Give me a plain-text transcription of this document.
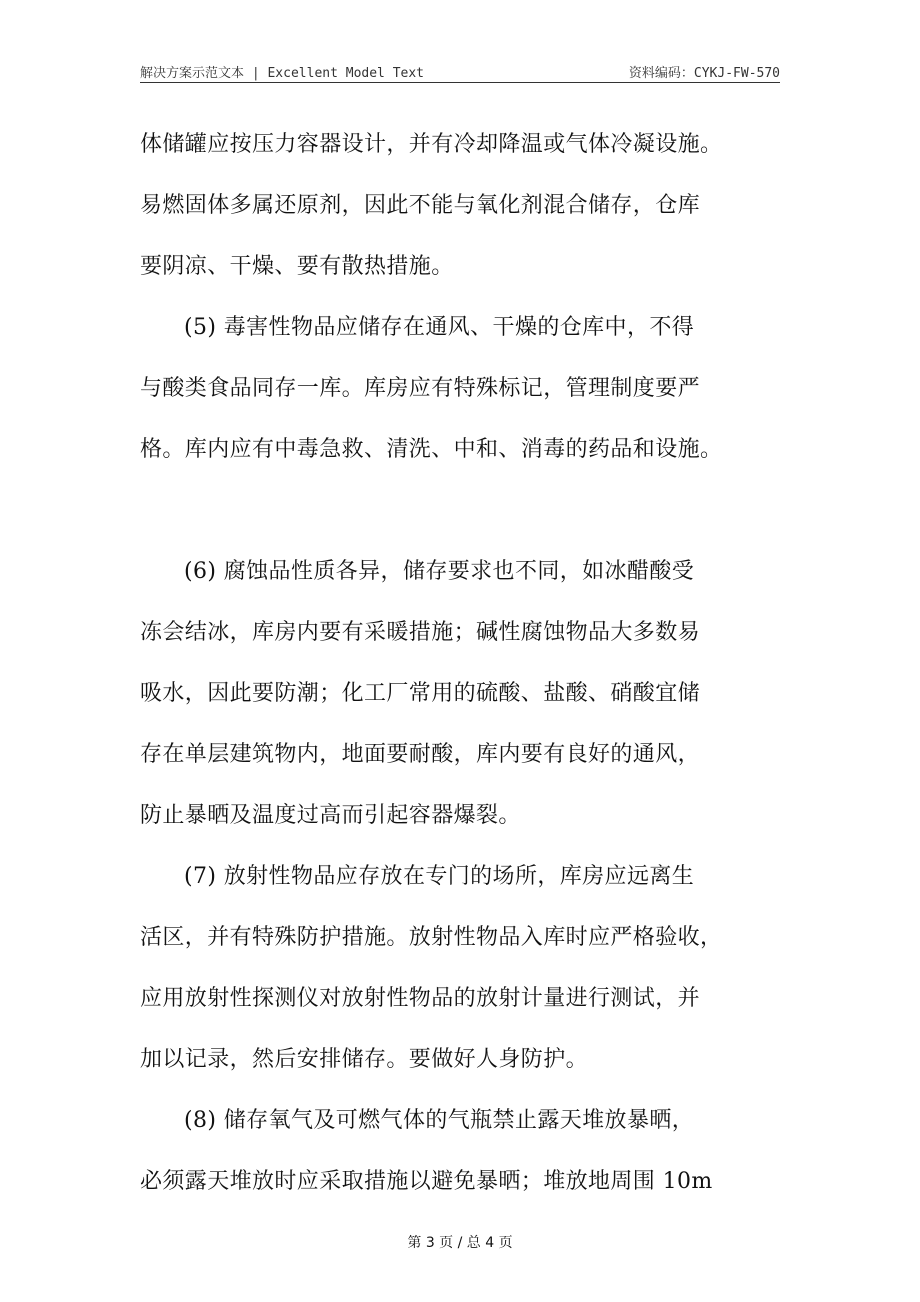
解决方案示范文本 | Excellent Model Text	资料编码：CYKJ-FW-570
体储罐应按压力容器设计，并有冷却降温或气体冷凝设施。
易燃固体多属还原剂，因此不能与氧化剂混合储存，仓库
要阴凉、干燥、要有散热措施。
(5) 毒害性物品应储存在通风、干燥的仓库中，不得
与酸类食品同存一库。库房应有特殊标记，管理制度要严
格。库内应有中毒急救、清洗、中和、消毒的药品和设施。
(6) 腐蚀品性质各异，储存要求也不同，如冰醋酸受
冻会结冰，库房内要有采暖措施；碱性腐蚀物品大多数易
吸水，因此要防潮；化工厂常用的硫酸、盐酸、硝酸宜储
存在单层建筑物内，地面要耐酸，库内要有良好的通风，
防止暴晒及温度过高而引起容器爆裂。
(7) 放射性物品应存放在专门的场所，库房应远离生
活区，并有特殊防护措施。放射性物品入库时应严格验收，
应用放射性探测仪对放射性物品的放射计量进行测试，并
加以记录，然后安排储存。要做好人身防护。
(8) 储存氧气及可燃气体的气瓶禁止露天堆放暴晒，
必须露天堆放时应采取措施以避免暴晒；堆放地周围 10m
第 3 页 / 总 4 页
